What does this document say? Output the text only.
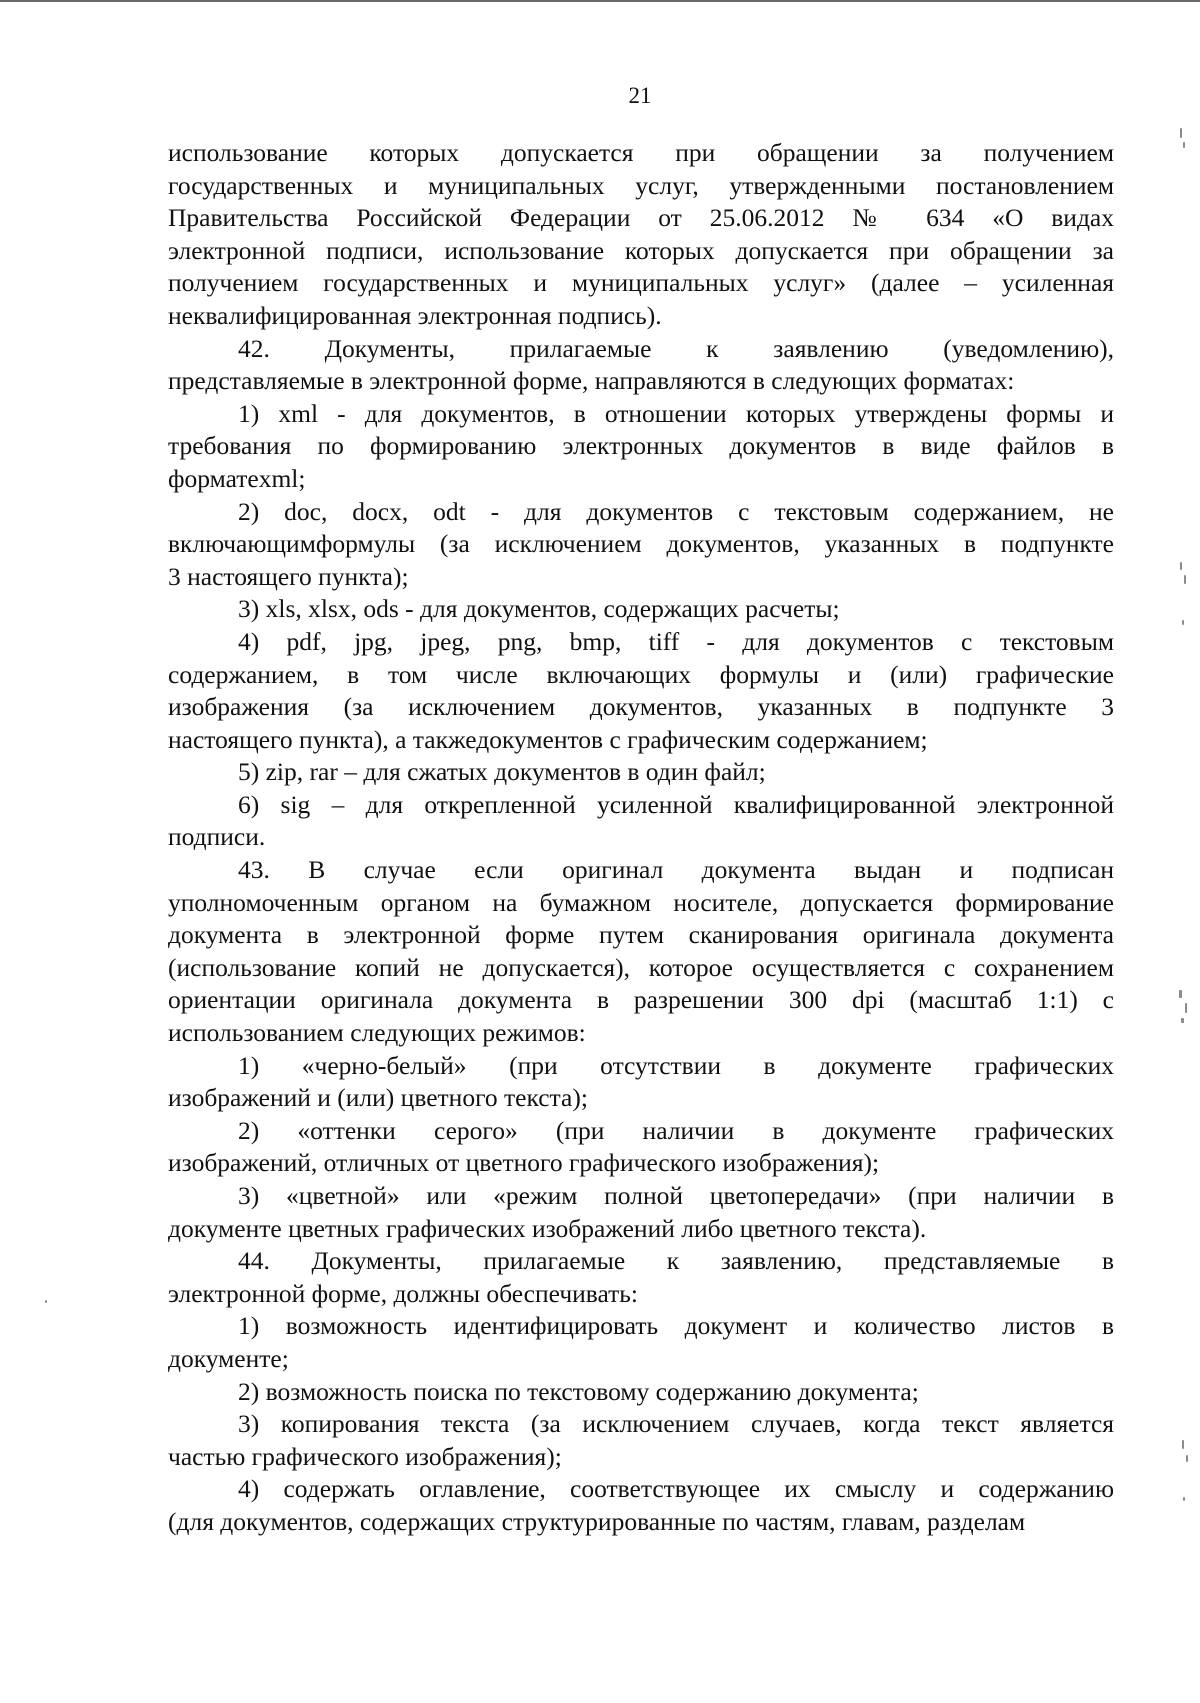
21

использование которых допускается при обращении за получением

государственных и муниципальных услуг, утвержденными постановлением

Правительства Российской Федерации от 25.06.2012 № 634 «О видах

электронной подписи, использование которых допускается при обращении за

получением государственных и муниципальных услуг» (далее – усиленная

неквалифицированная электронная подпись).

42. Документы, прилагаемые к заявлению (уведомлению),

представляемые в электронной форме, направляются в следующих форматах:

1) xml - для документов, в отношении которых утверждены формы и

требования по формированию электронных документов в виде файлов в

форматеxml;

2) doc, docx, odt - для документов с текстовым содержанием, не

включающимформулы (за исключением документов, указанных в подпункте

3 настоящего пункта);

3) xls, xlsx, ods - для документов, содержащих расчеты;

4) pdf, jpg, jpeg, png, bmp, tiff - для документов с текстовым

содержанием, в том числе включающих формулы и (или) графические

изображения (за исключением документов, указанных в подпункте 3

настоящего пункта), а такжедокументов с графическим содержанием;

5) zip, rar – для сжатых документов в один файл;

6) sig – для открепленной усиленной квалифицированной электронной

подписи.

43. В случае если оригинал документа выдан и подписан

уполномоченным органом на бумажном носителе, допускается формирование

документа в электронной форме путем сканирования оригинала документа

(использование копий не допускается), которое осуществляется с сохранением

ориентации оригинала документа в разрешении 300 dpi (масштаб 1:1) с

использованием следующих режимов:

1) «черно-белый» (при отсутствии в документе графических

изображений и (или) цветного текста);

2) «оттенки серого» (при наличии в документе графических

изображений, отличных от цветного графического изображения);

3) «цветной» или «режим полной цветопередачи» (при наличии в

документе цветных графических изображений либо цветного текста).

44. Документы, прилагаемые к заявлению, представляемые в

электронной форме, должны обеспечивать:

1) возможность идентифицировать документ и количество листов в

документе;

2) возможность поиска по текстовому содержанию документа;

3) копирования текста (за исключением случаев, когда текст является

частью графического изображения);

4) содержать оглавление, соответствующее их смыслу и содержанию

(для документов, содержащих структурированные по частям, главам, разделам
